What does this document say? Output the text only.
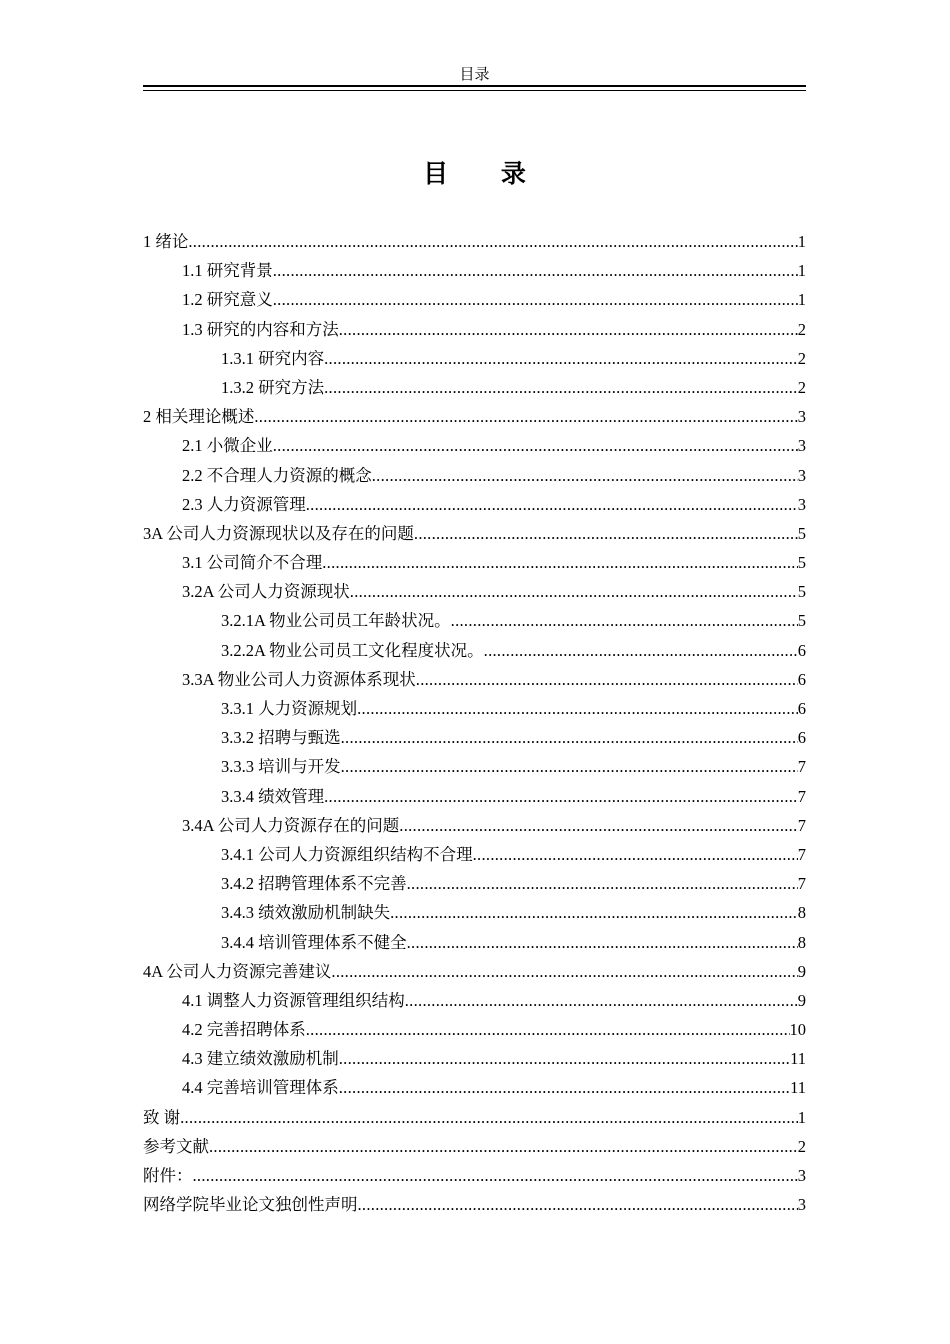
目录
目 录
1 绪论 .....	1
1.1 研究背景 .....	1
1.2 研究意义 .....	1
1.3 研究的内容和方法 .....	2
1.3.1 研究内容 .....	2
1.3.2 研究方法 .....	2
2 相关理论概述 .....	3
2.1 小微企业 .....	3
2.2 不合理人力资源的概念 .....	3
2.3 人力资源管理 .....	3
3A 公司人力资源现状以及存在的问题 .....	5
3.1 公司简介不合理 .....	5
3.2A 公司人力资源现状 .....	5
3.2.1A 物业公司员工年龄状况。 .....	5
3.2.2A 物业公司员工文化程度状况。 .....	6
3.3A 物业公司人力资源体系现状 .....	6
3.3.1 人力资源规划 .....	6
3.3.2 招聘与甄选 .....	6
3.3.3 培训与开发 .....	7
3.3.4 绩效管理 .....	7
3.4A 公司人力资源存在的问题 .....	7
3.4.1 公司人力资源组织结构不合理 .....	7
3.4.2 招聘管理体系不完善 .....	7
3.4.3 绩效激励机制缺失 .....	8
3.4.4 培训管理体系不健全 .....	8
4A 公司人力资源完善建议 .....	9
4.1 调整人力资源管理组织结构 .....	9
4.2 完善招聘体系 .....	10
4.3 建立绩效激励机制 .....	11
4.4 完善培训管理体系 .....	11
致 谢 .....	1
参考文献 .....	2
附件： .....	3
网络学院毕业论文独创性声明 .....	3
